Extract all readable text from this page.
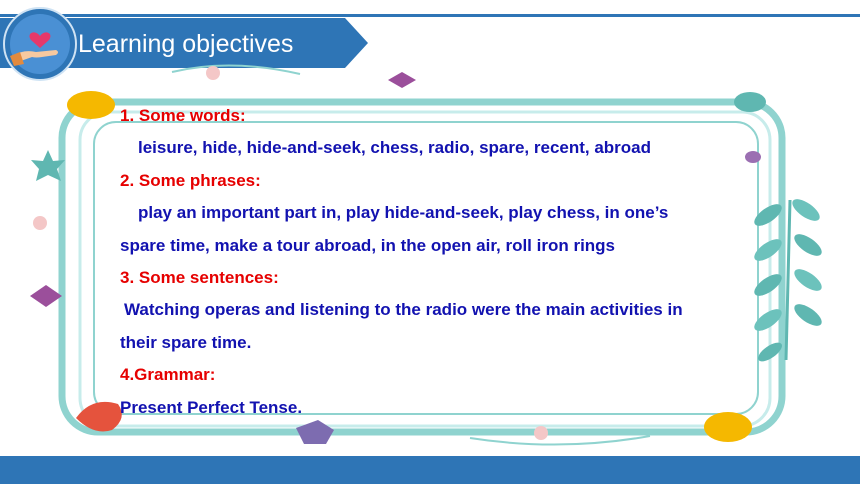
Learning objectives
1. Some words:
leisure, hide, hide-and-seek, chess, radio, spare, recent, abroad
2. Some phrases:
play an important part in, play hide-and-seek, play chess, in one’s
spare time, make a tour abroad, in the open air, roll iron rings
3. Some sentences:
Watching operas and listening to the radio were the main activities in
their spare time.
4.Grammar:
Present Perfect Tense.
